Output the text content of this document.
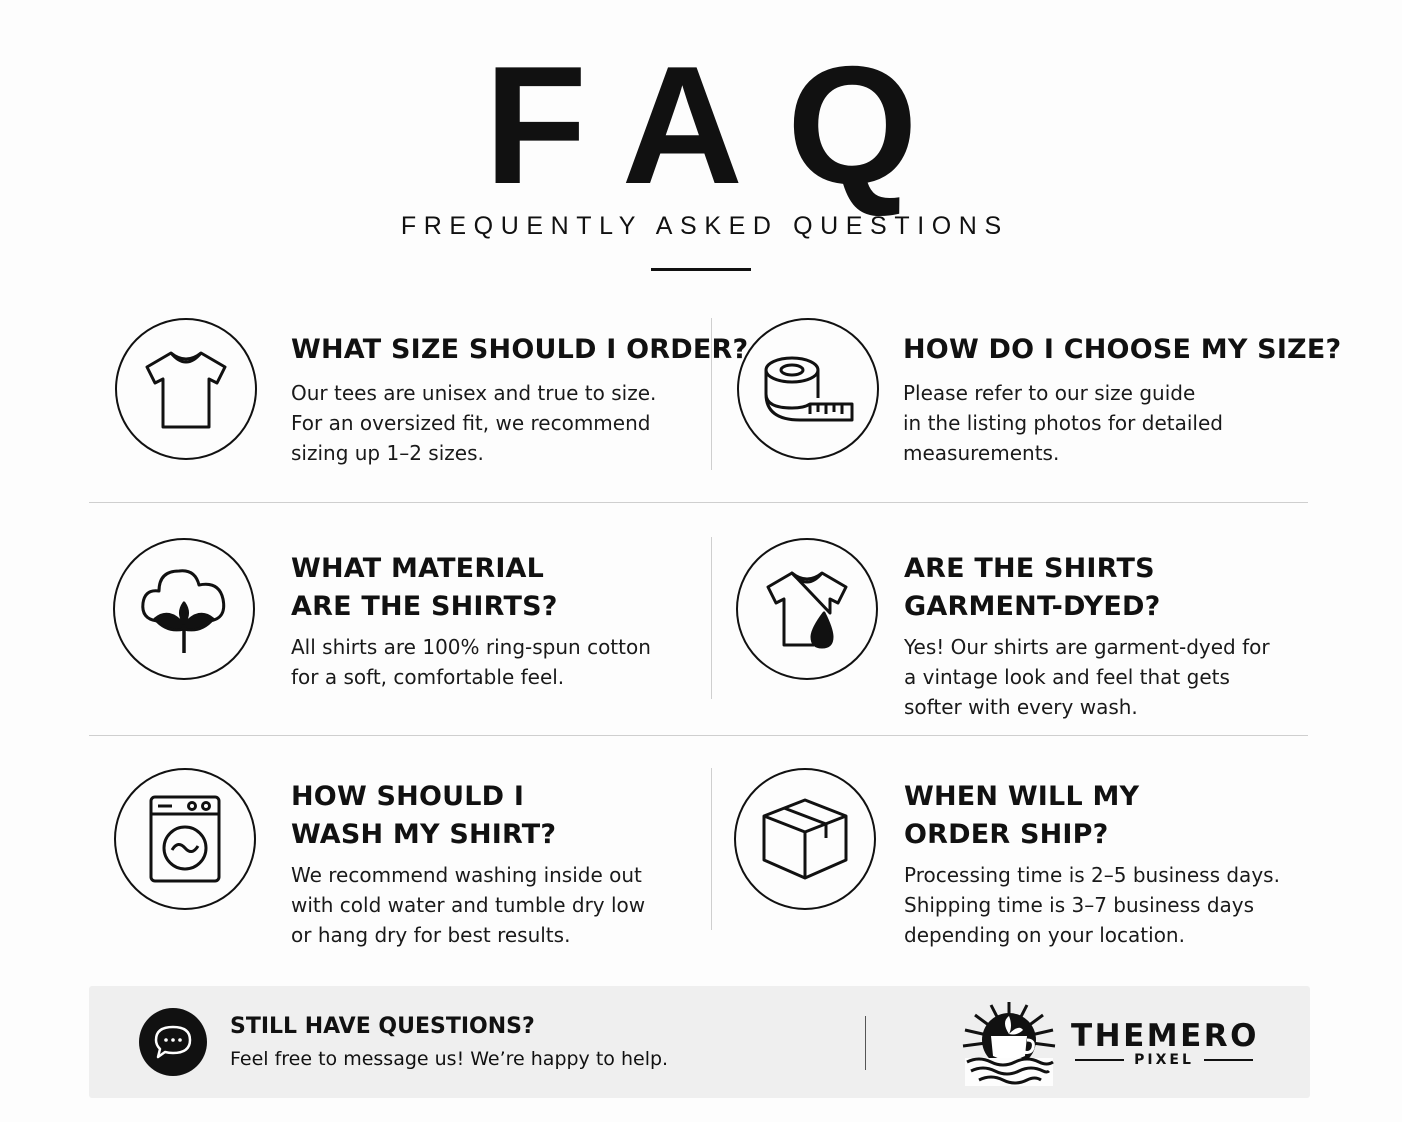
FAQ
FREQUENTLY ASKED QUESTIONS
WHAT SIZE SHOULD I ORDER?
Our tees are unisex and true to size.
For an oversized fit, we recommend
sizing up 1–2 sizes.
HOW DO I CHOOSE MY SIZE?
Please refer to our size guide
in the listing photos for detailed
measurements.
WHAT MATERIAL
ARE THE SHIRTS?
All shirts are 100% ring-spun cotton
for a soft, comfortable feel.
ARE THE SHIRTS
GARMENT-DYED?
Yes! Our shirts are garment-dyed for
a vintage look and feel that gets
softer with every wash.
HOW SHOULD I
WASH MY SHIRT?
We recommend washing inside out
with cold water and tumble dry low
or hang dry for best results.
WHEN WILL MY
ORDER SHIP?
Processing time is 2–5 business days.
Shipping time is 3–7 business days
depending on your location.
STILL HAVE QUESTIONS?
Feel free to message us! We’re happy to help.
THEMERO
PIXEL
